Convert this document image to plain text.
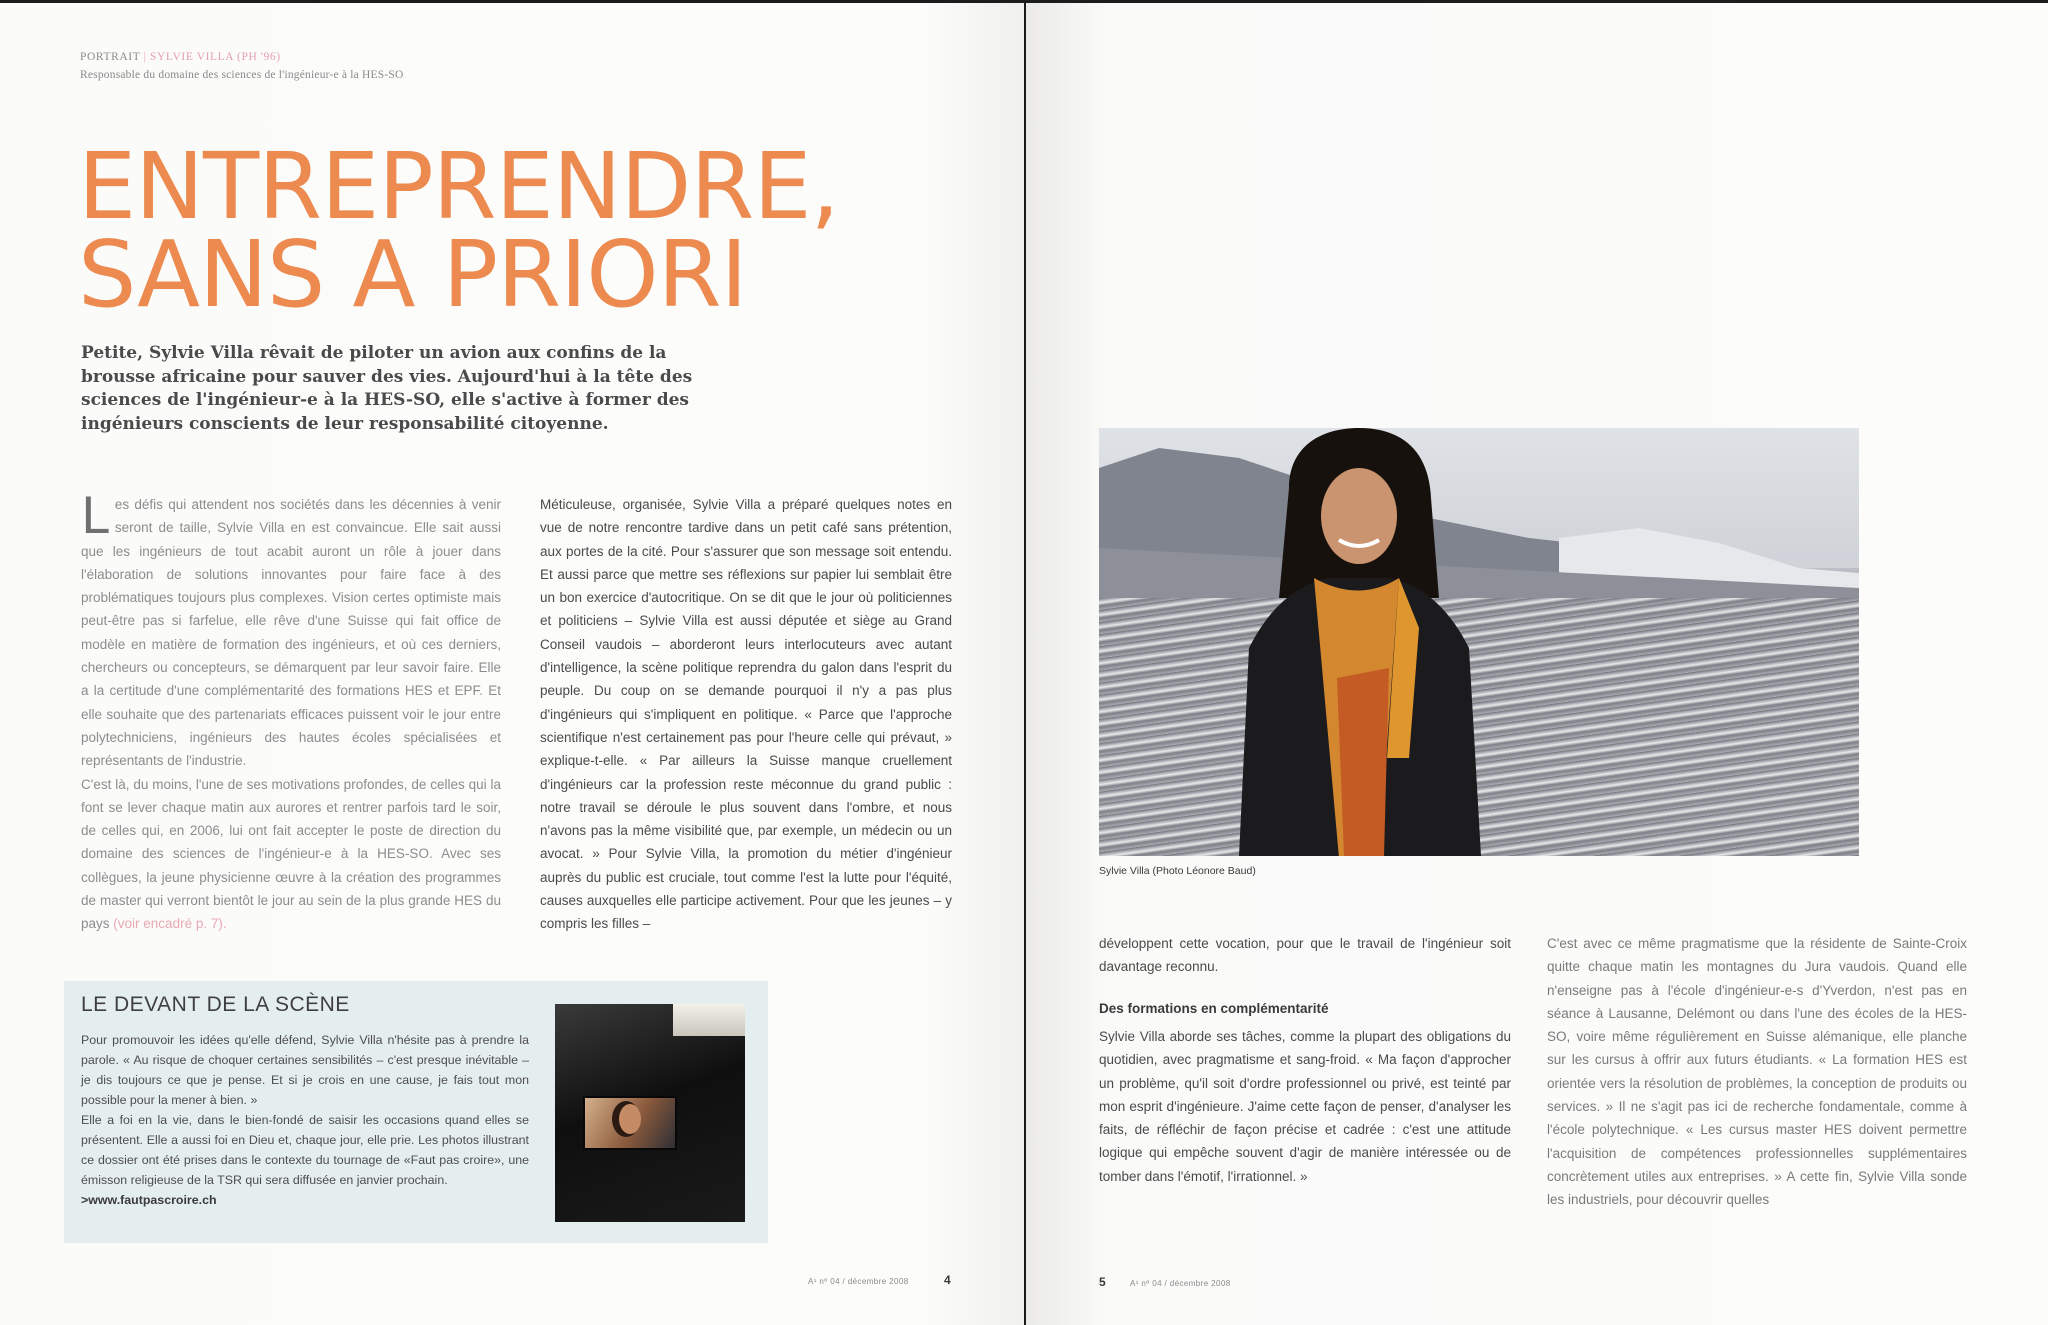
PORTRAIT | SYLVIE VILLA (PH '96)
Responsable du domaine des sciences de l'ingénieur-e à la HES-SO
ENTREPRENDRE,
SANS A PRIORI

Petite, Sylvie Villa rêvait de piloter un avion aux confins de la brousse africaine pour sauver des vies. Aujourd'hui à la tête des sciences de l'ingénieur-e à la HES-SO, elle s'active à former des ingénieurs conscients de leur responsabilité citoyenne.

Les défis qui attendent nos sociétés dans les décennies à venir seront de taille, Sylvie Villa en est convaincue. Elle sait aussi que les ingénieurs de tout acabit auront un rôle à jouer dans l'élaboration de solutions innovantes pour faire face à des problématiques toujours plus complexes. Vision certes optimiste mais peut-être pas si farfelue, elle rêve d'une Suisse qui fait office de modèle en matière de formation des ingénieurs, et où ces derniers, chercheurs ou concepteurs, se démarquent par leur savoir faire. Elle a la certitude d'une complémentarité des formations HES et EPF. Et elle souhaite que des partenariats efficaces puissent voir le jour entre polytechniciens, ingénieurs des hautes écoles spécialisées et représentants de l'industrie.

C'est là, du moins, l'une de ses motivations profondes, de celles qui la font se lever chaque matin aux aurores et rentrer parfois tard le soir, de celles qui, en 2006, lui ont fait accepter le poste de direction du domaine des sciences de l'ingénieur-e à la HES-SO. Avec ses collègues, la jeune physicienne œuvre à la création des programmes de master qui verront bientôt le jour au sein de la plus grande HES du pays (voir encadré p. 7).

Méticuleuse, organisée, Sylvie Villa a préparé quelques notes en vue de notre rencontre tardive dans un petit café sans prétention, aux portes de la cité. Pour s'assurer que son message soit entendu. Et aussi parce que mettre ses réflexions sur papier lui semblait être un bon exercice d'autocritique. On se dit que le jour où politiciennes et politiciens – Sylvie Villa est aussi députée et siège au Grand Conseil vaudois – aborderont leurs interlocuteurs avec autant d'intelligence, la scène politique reprendra du galon dans l'esprit du peuple. Du coup on se demande pourquoi il n'y a pas plus d'ingénieurs qui s'impliquent en politique. « Parce que l'approche scientifique n'est certainement pas pour l'heure celle qui prévaut, » explique-t-elle. « Par ailleurs la Suisse manque cruellement d'ingénieurs car la profession reste méconnue du grand public : notre travail se déroule le plus souvent dans l'ombre, et nous n'avons pas la même visibilité que, par exemple, un médecin ou un avocat. » Pour Sylvie Villa, la promotion du métier d'ingénieur auprès du public est cruciale, tout comme l'est la lutte pour l'équité, causes auxquelles elle participe activement. Pour que les jeunes – y compris les filles –

LE DEVANT DE LA SCÈNE

Pour promouvoir les idées qu'elle défend, Sylvie Villa n'hésite pas à prendre la parole. « Au risque de choquer certaines sensibilités – c'est presque inévitable – je dis toujours ce que je pense. Et si je crois en une cause, je fais tout mon possible pour la mener à bien. »

Elle a foi en la vie, dans le bien-fondé de saisir les occasions quand elles se présentent. Elle a aussi foi en Dieu et, chaque jour, elle prie. Les photos illustrant ce dossier ont été prises dans le contexte du tournage de «Faut pas croire», une émisson religieuse de la TSR qui sera diffusée en janvier prochain.

>www.fautpascroire.ch

A¹ nº 04 / décembre 2008	4
Sylvie Villa (Photo Léonore Baud)

développent cette vocation, pour que le travail de l'ingénieur soit davantage reconnu.

Des formations en complémentarité

Sylvie Villa aborde ses tâches, comme la plupart des obligations du quotidien, avec pragmatisme et sang-froid. « Ma façon d'approcher un problème, qu'il soit d'ordre professionnel ou privé, est teinté par mon esprit d'ingénieure. J'aime cette façon de penser, d'analyser les faits, de réfléchir de façon précise et cadrée : c'est une attitude logique qui empêche souvent d'agir de manière intéressée ou de tomber dans l'émotif, l'irrationnel. »

C'est avec ce même pragmatisme que la résidente de Sainte-Croix quitte chaque matin les montagnes du Jura vaudois. Quand elle n'enseigne pas à l'école d'ingénieur-e-s d'Yverdon, n'est pas en séance à Lausanne, Delémont ou dans l'une des écoles de la HES-SO, voire même régulièrement en Suisse alémanique, elle planche sur les cursus à offrir aux futurs étudiants. « La formation HES est orientée vers la résolution de problèmes, la conception de produits ou services. » Il ne s'agit pas ici de recherche fondamentale, comme à l'école polytechnique. « Les cursus master HES doivent permettre l'acquisition de compétences professionnelles supplémentaires concrètement utiles aux entreprises. » A cette fin, Sylvie Villa sonde les industriels, pour découvrir quelles

5	A¹ nº 04 / décembre 2008
